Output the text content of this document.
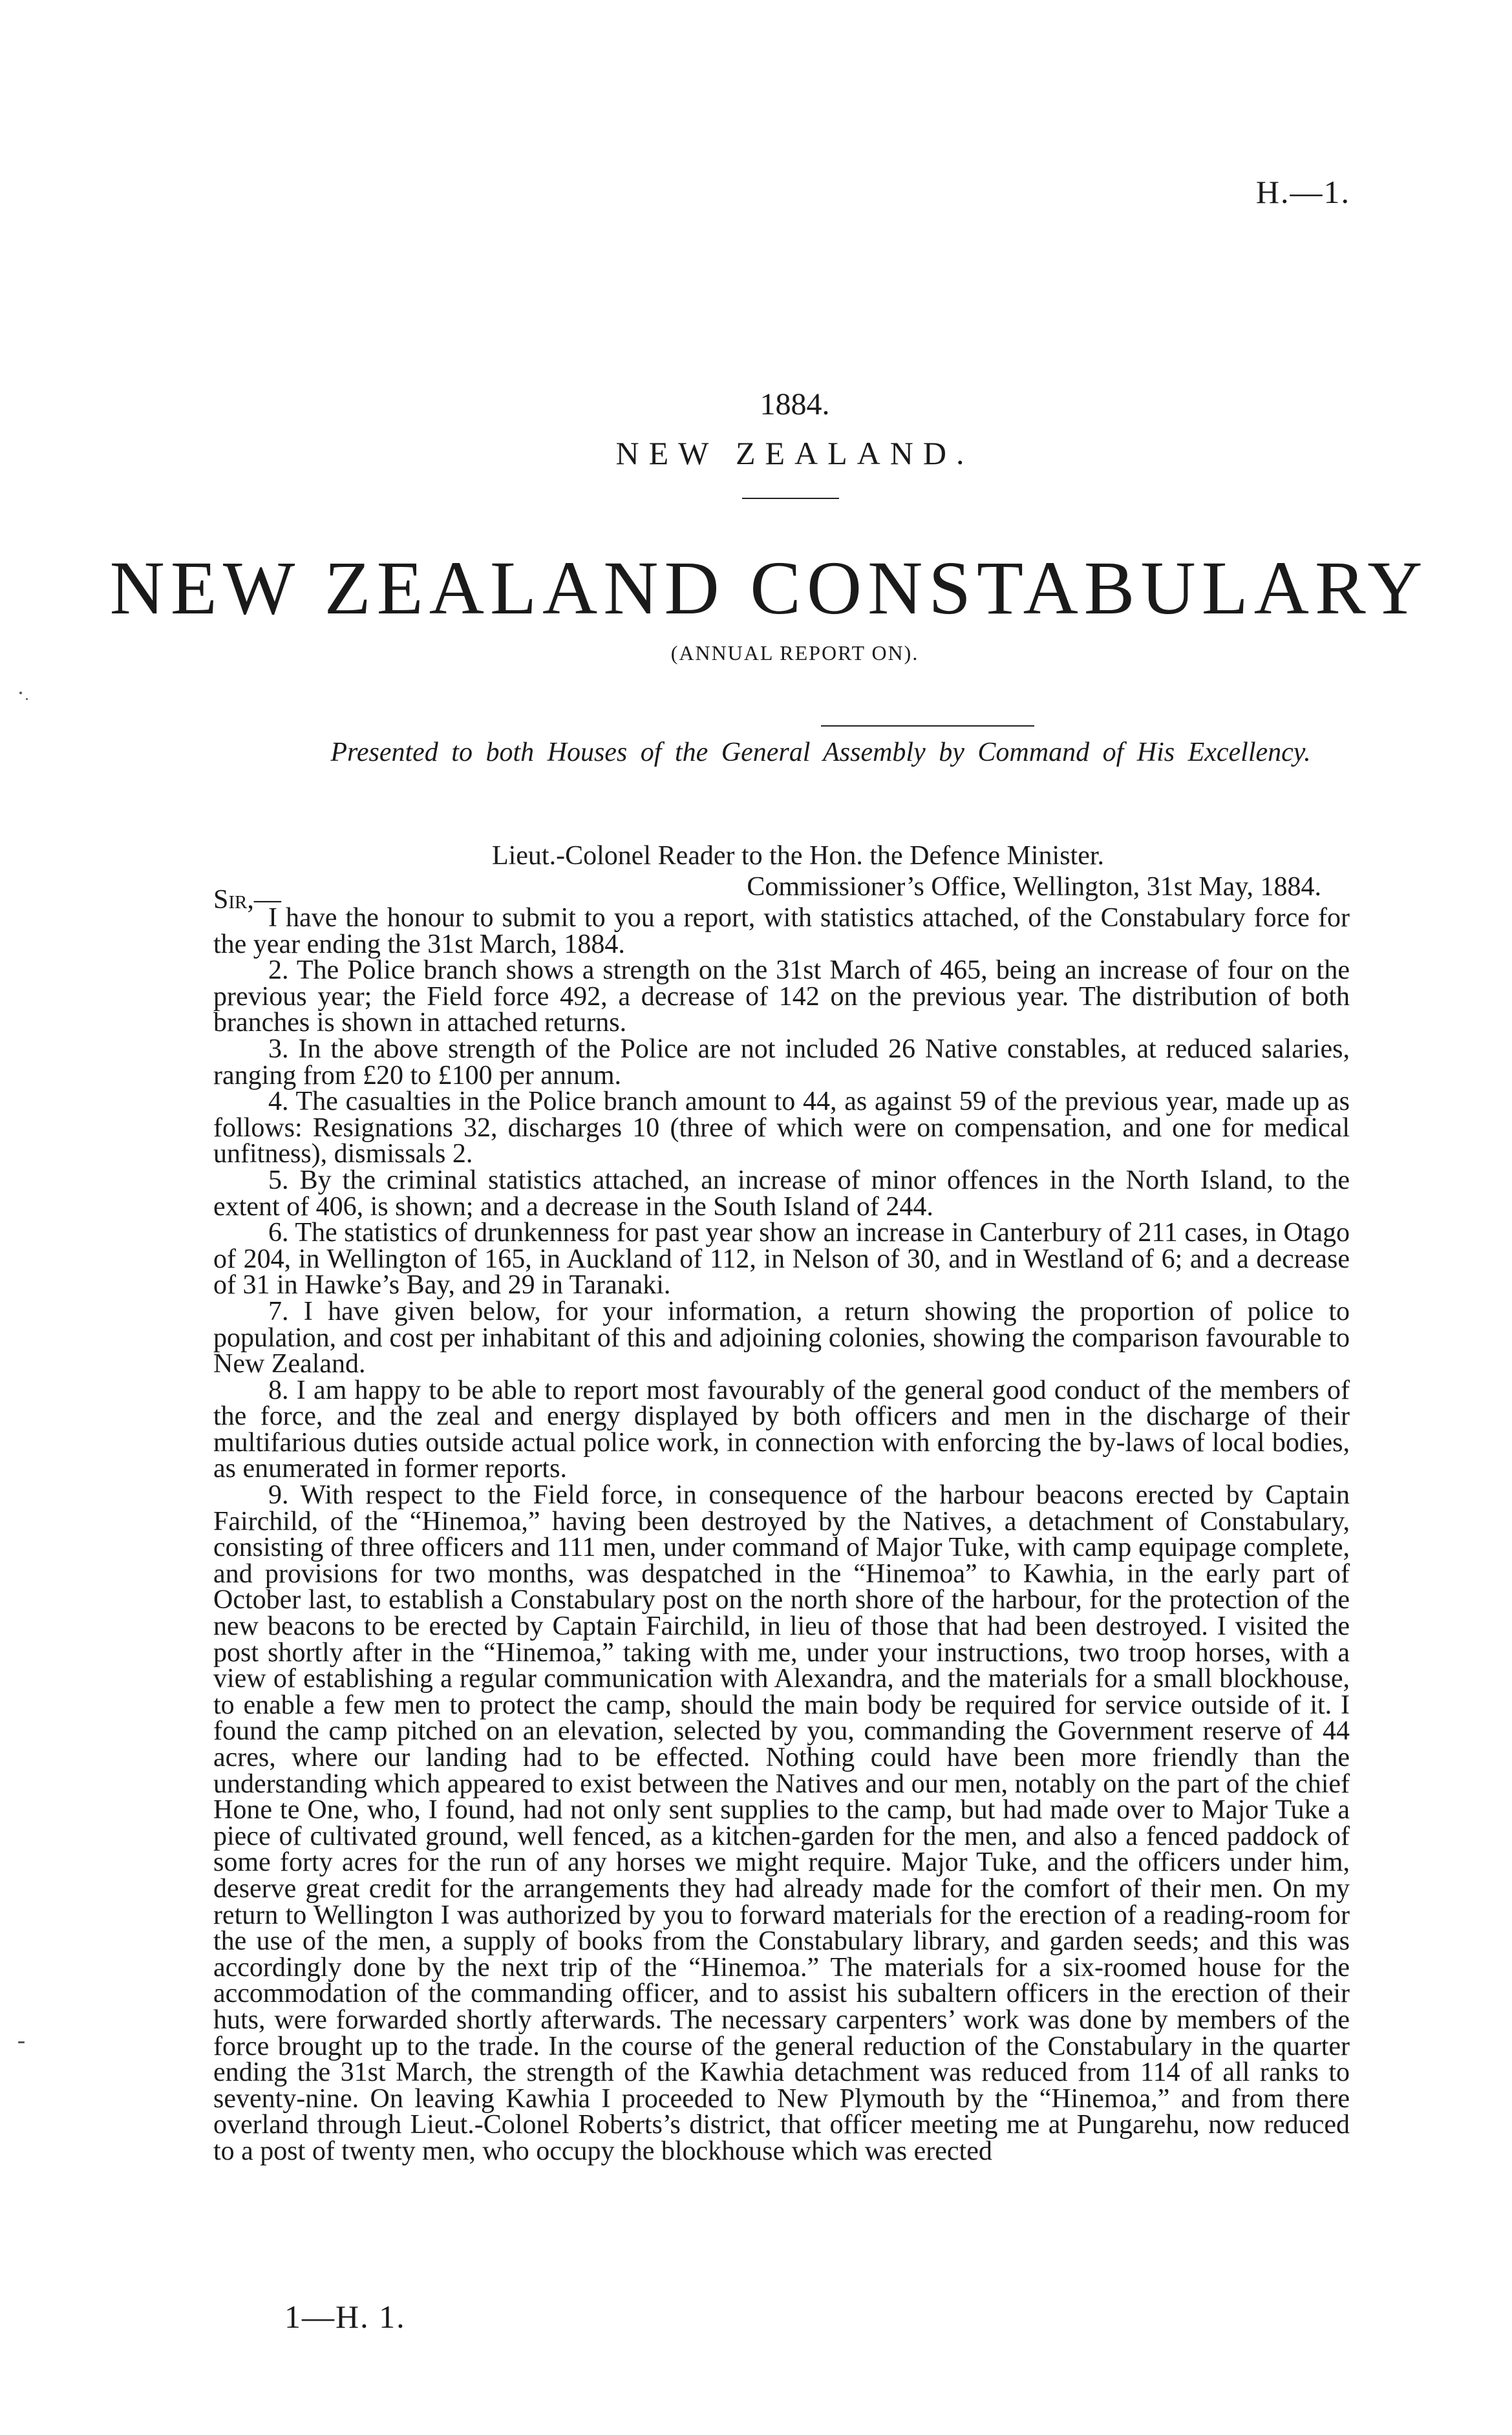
H.—1.
1884.
NEW ZEALAND.
NEW ZEALAND CONSTABULARY
(ANNUAL REPORT ON).
Presented to both Houses of the General Assembly by Command of His Excellency.
Lieut.-Colonel Reader to the Hon. the Defence Minister.
Commissioner’s Office, Wellington, 31st May, 1884.
Sir,—

I have the honour to submit to you a report, with statistics attached, of the Constabulary force for the year ending the 31st March, 1884.

2. The Police branch shows a strength on the 31st March of 465, being an increase of four on the previous year; the Field force 492, a decrease of 142 on the previous year. The distribution of both branches is shown in attached returns.

3. In the above strength of the Police are not included 26 Native constables, at reduced salaries, ranging from £20 to £100 per annum.

4. The casualties in the Police branch amount to 44, as against 59 of the previous year, made up as follows: Resignations 32, discharges 10 (three of which were on compensation, and one for medical unfitness), dismissals 2.

5. By the criminal statistics attached, an increase of minor offences in the North Island, to the extent of 406, is shown; and a decrease in the South Island of 244.

6. The statistics of drunkenness for past year show an increase in Canterbury of 211 cases, in Otago of 204, in Wellington of 165, in Auckland of 112, in Nelson of 30, and in Westland of 6; and a decrease of 31 in Hawke’s Bay, and 29 in Taranaki.

7. I have given below, for your information, a return showing the proportion of police to population, and cost per inhabitant of this and adjoining colonies, showing the comparison favourable to New Zealand.

8. I am happy to be able to report most favourably of the general good conduct of the members of the force, and the zeal and energy displayed by both officers and men in the discharge of their multifarious duties outside actual police work, in connection with enforcing the by-laws of local bodies, as enumerated in former reports.

9. With respect to the Field force, in consequence of the harbour beacons erected by Captain Fairchild, of the “Hinemoa,” having been destroyed by the Natives, a detachment of Constabulary, consisting of three officers and 111 men, under command of Major Tuke, with camp equipage complete, and provisions for two months, was despatched in the “Hinemoa” to Kawhia, in the early part of October last, to establish a Constabulary post on the north shore of the harbour, for the protection of the new beacons to be erected by Captain Fairchild, in lieu of those that had been destroyed. I visited the post shortly after in the “Hinemoa,” taking with me, under your instructions, two troop horses, with a view of establishing a regular communication with Alexandra, and the materials for a small blockhouse, to enable a few men to protect the camp, should the main body be required for service outside of it. I found the camp pitched on an elevation, selected by you, commanding the Government reserve of 44 acres, where our landing had to be effected. Nothing could have been more friendly than the understanding which appeared to exist between the Natives and our men, notably on the part of the chief Hone te One, who, I found, had not only sent supplies to the camp, but had made over to Major Tuke a piece of cultivated ground, well fenced, as a kitchen-garden for the men, and also a fenced paddock of some forty acres for the run of any horses we might require. Major Tuke, and the officers under him, deserve great credit for the arrangements they had already made for the comfort of their men. On my return to Wellington I was authorized by you to forward materials for the erection of a reading-room for the use of the men, a supply of books from the Constabulary library, and garden seeds; and this was accordingly done by the next trip of the “Hinemoa.” The materials for a six-roomed house for the accommodation of the commanding officer, and to assist his subaltern officers in the erection of their huts, were forwarded shortly afterwards. The necessary carpenters’ work was done by members of the force brought up to the trade. In the course of the general reduction of the Constabulary in the quarter ending the 31st March, the strength of the Kawhia detachment was reduced from 114 of all ranks to seventy-nine. On leaving Kawhia I proceeded to New Plymouth by the “Hinemoa,” and from there overland through Lieut.-Colonel Roberts’s district, that officer meeting me at Pungarehu, now reduced to a post of twenty men, who occupy the blockhouse which was erected

1—H. 1.
